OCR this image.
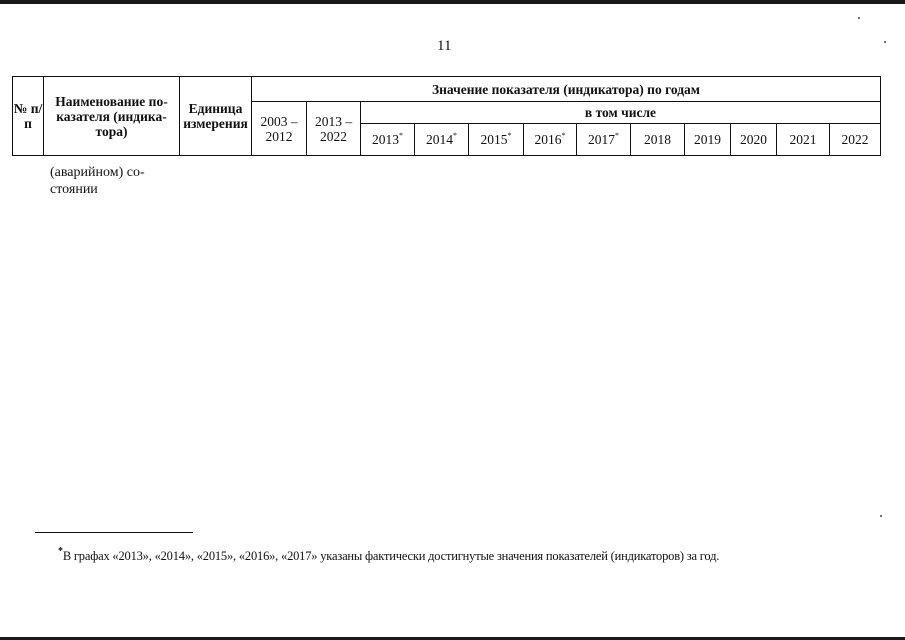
11
№ п/п	Наименование по-казателя (индика-тора)	Единица измерения	Значение показателя (индикатора) по годам											
			2003 – 2012	2013 – 2022	в том числе									
					2013*	2014*	2015*	2016*	2017*	2018	2019	2020	2021	2022
(аварийном) со-
стоянии
*В графах «2013», «2014», «2015», «2016», «2017» указаны фактически достигнутые значения показателей (индикаторов) за год.
